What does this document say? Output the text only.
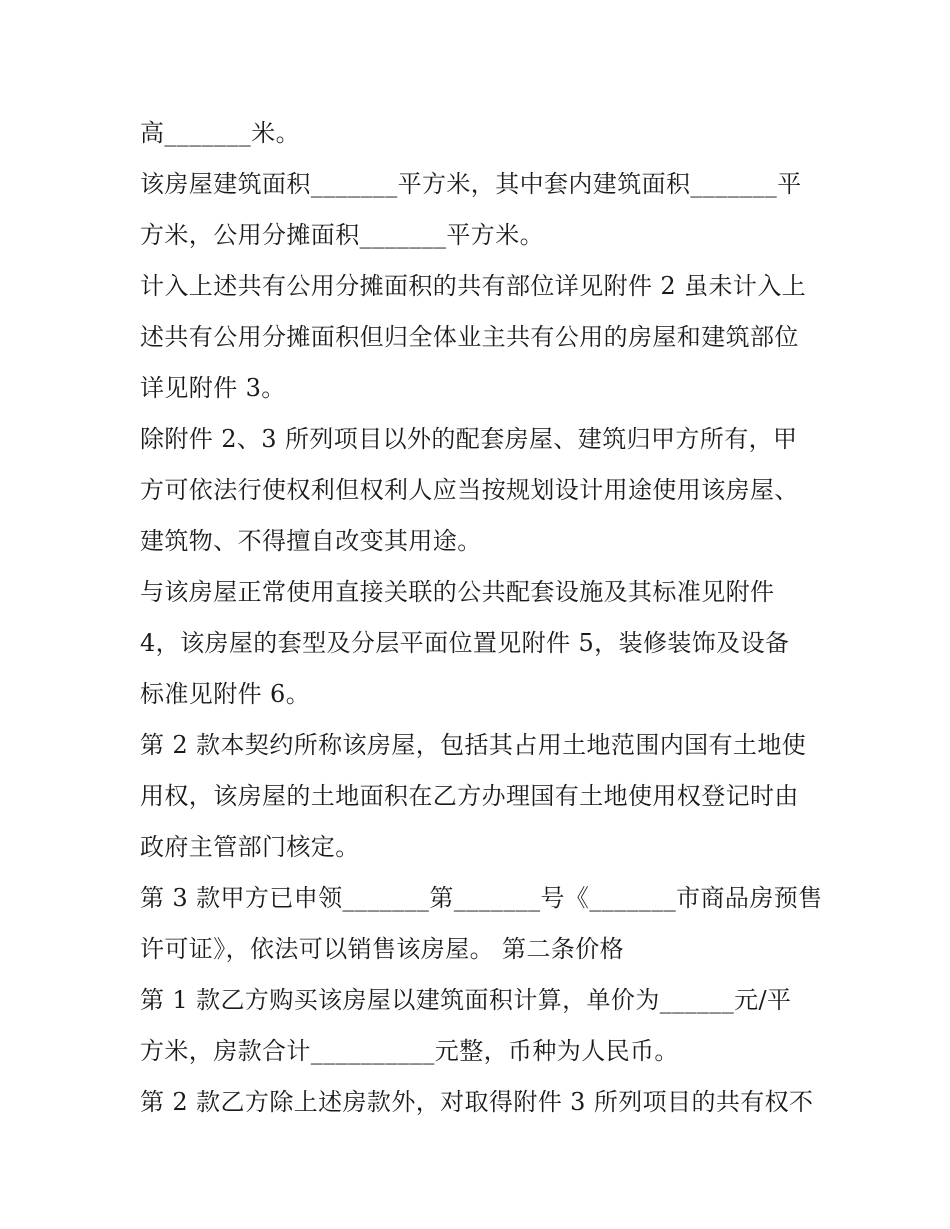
高_______米。
该房屋建筑面积_______平方米，其中套内建筑面积_______平
方米，公用分摊面积_______平方米。
计入上述共有公用分摊面积的共有部位详见附件 2 虽未计入上
述共有公用分摊面积但归全体业主共有公用的房屋和建筑部位
详见附件 3。
除附件 2、3 所列项目以外的配套房屋、建筑归甲方所有，甲
方可依法行使权利但权利人应当按规划设计用途使用该房屋、
建筑物、不得擅自改变其用途。
与该房屋正常使用直接关联的公共配套设施及其标准见附件
4，该房屋的套型及分层平面位置见附件 5，装修装饰及设备
标准见附件 6。
第 2 款本契约所称该房屋，包括其占用土地范围内国有土地使
用权，该房屋的土地面积在乙方办理国有土地使用权登记时由
政府主管部门核定。
第 3 款甲方已申领_______第_______号《_______市商品房预售
许可证》，依法可以销售该房屋。 第二条价格
第 1 款乙方购买该房屋以建筑面积计算，单价为______元/平
方米，房款合计__________元整，币种为人民币。
第 2 款乙方除上述房款外，对取得附件 3 所列项目的共有权不
